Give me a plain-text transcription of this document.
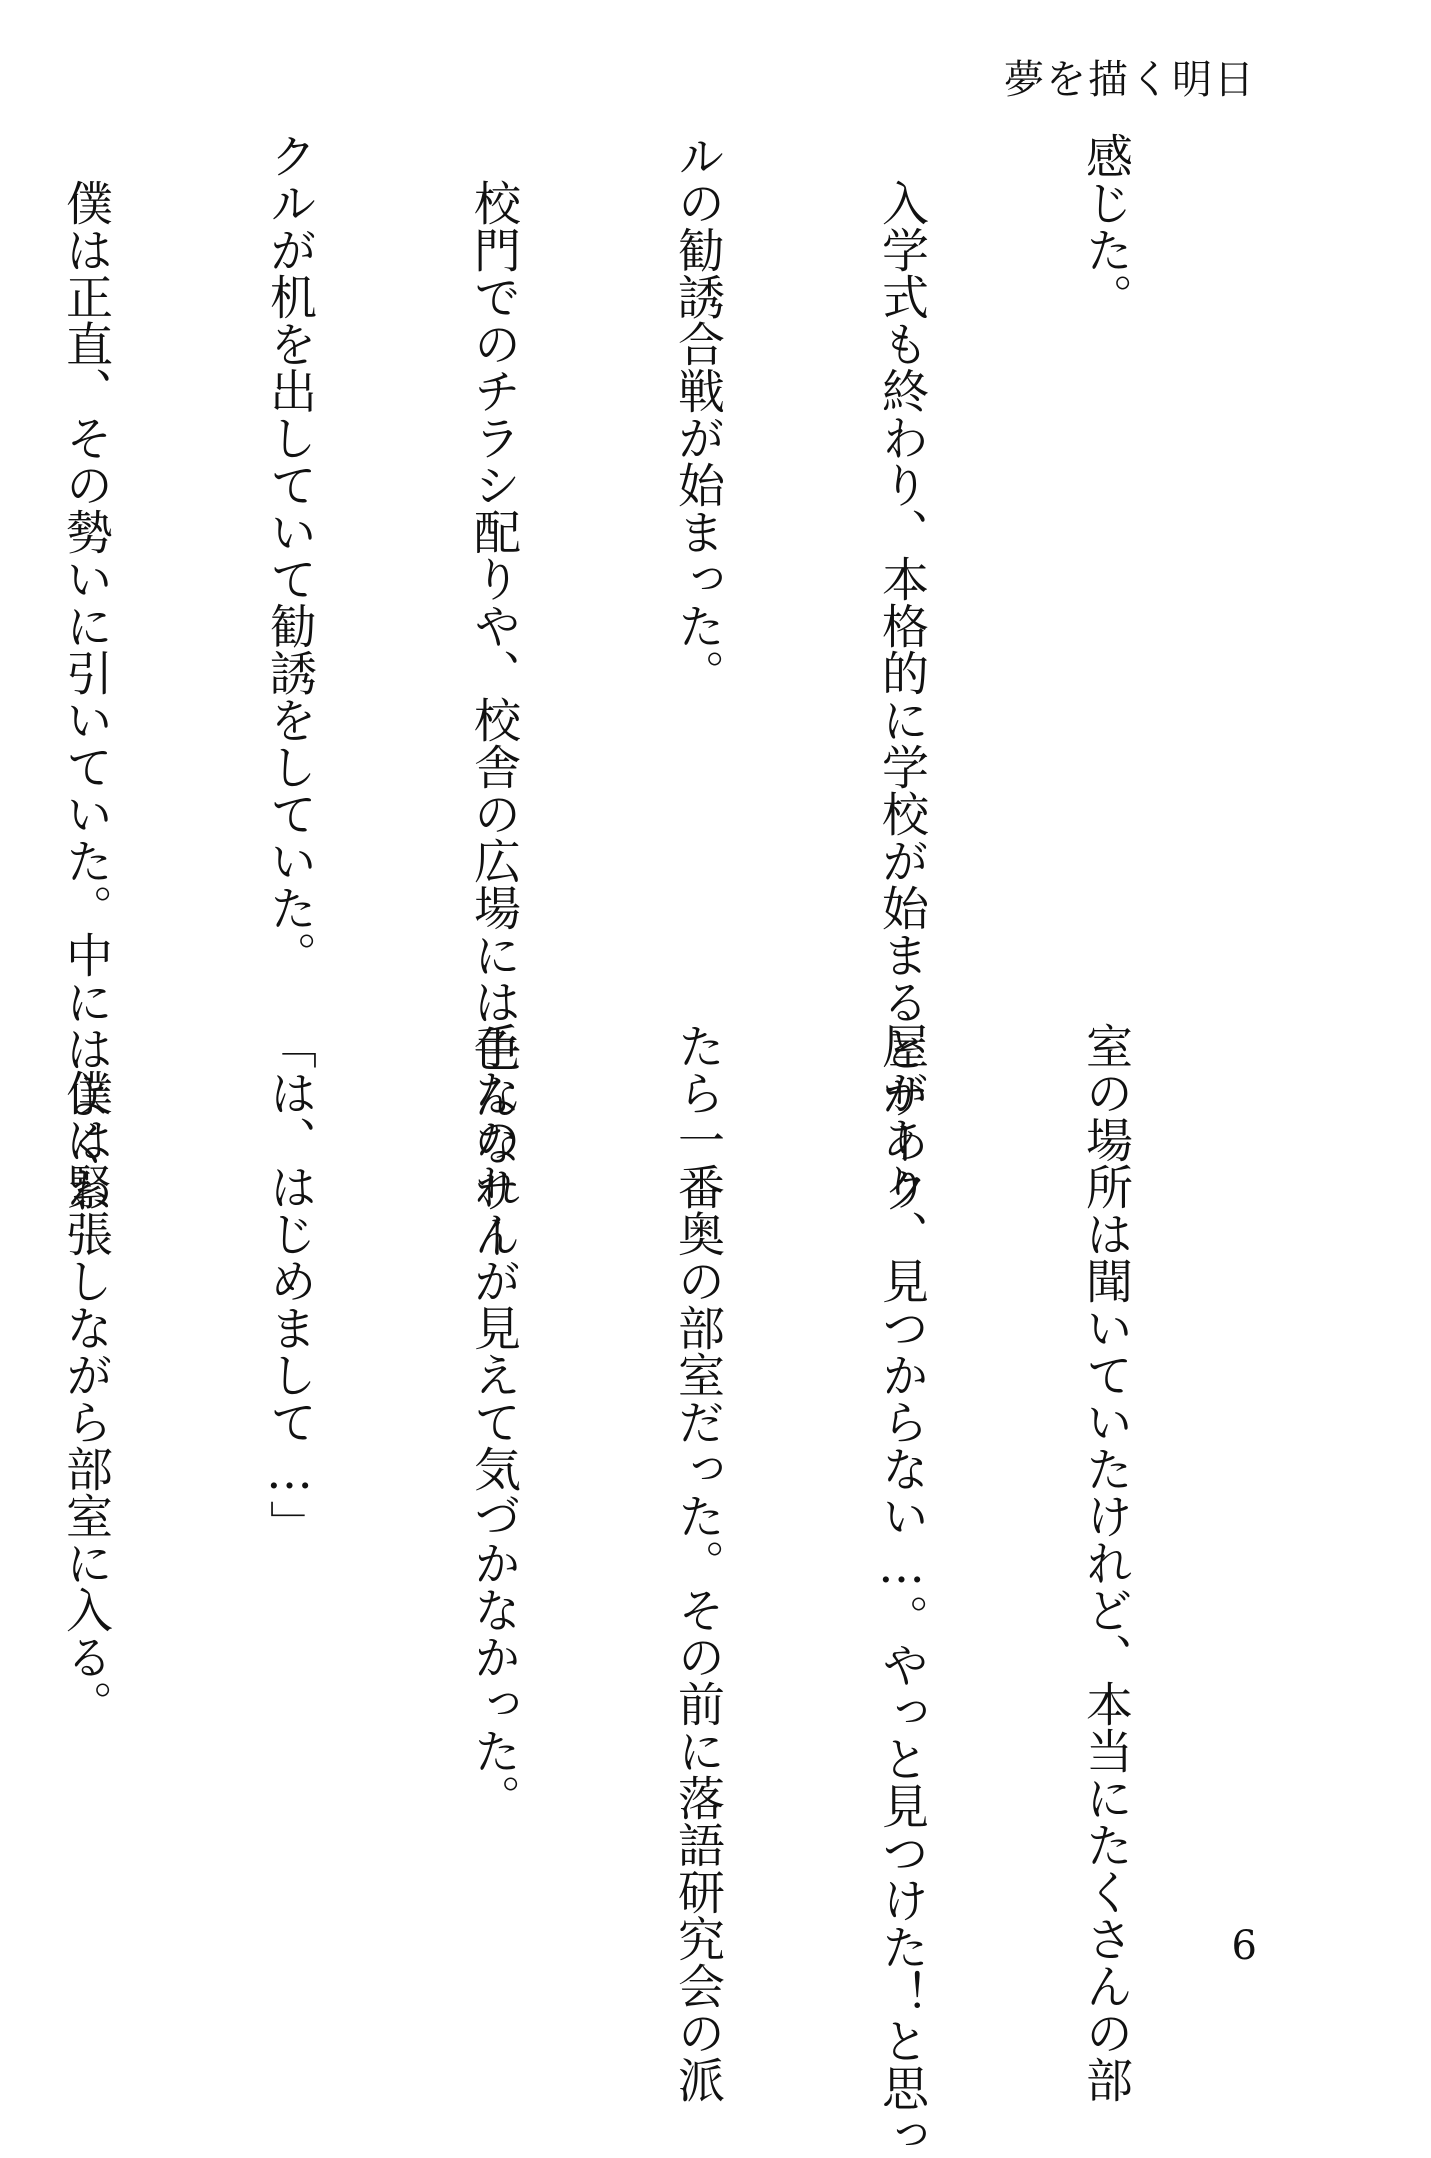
夢を描く明日

感じた。

　入学式も終わり、本格的に学校が始まるとサーク

ルの勧誘合戦が始まった。

　校門でのチラシ配りや、校舎の広場には色んなサー

クルが机を出していて勧誘をしていた。

　僕は正直、その勢いに引いていた。中にはよくわ

室の場所は聞いていたけれど、本当にたくさんの部

屋があり、見つからない…。やっと見つけた！と思っ

たら一番奥の部室だった。その前に落語研究会の派

手なのれんが見えて気づかなかった。

「は、はじめまして…」

　僕は緊張しながら部室に入る。

6
